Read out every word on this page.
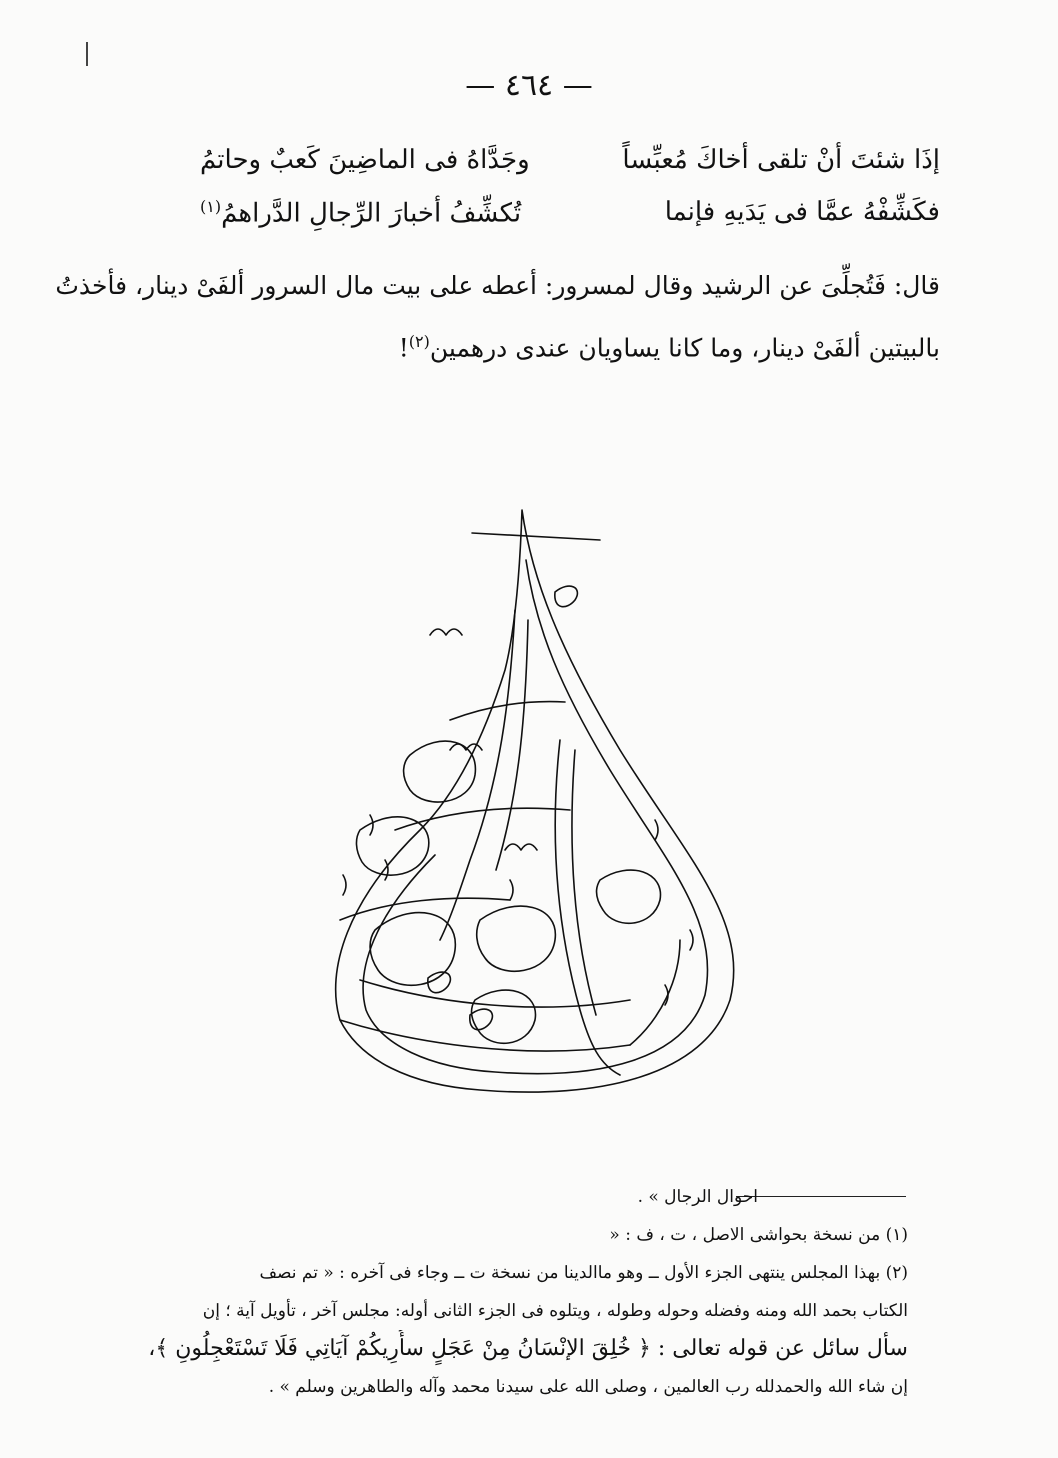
— ٤٦٤ —
إذَا شئتَ أنْ تلقى أخاكَ مُعبِّساً
وجَدَّاهُ فى الماضِينَ كَعبٌ وحاتمُ
فكَشِّفْهُ عمَّا فى يَدَيهِ فإنما
تُكشِّفُ أخبارَ الرِّجالِ الدَّراهمُ$^{(١)}$

قال: فَتُجلِّىَ عن الرشيد وقال لمسرور: أعطه على بيت مال السرور ألفَىْ دينار، فأخذتُ

بالبيتين ألفَىْ دينار، وما كانا يساويان عندى درهمين$^{(٢)}$!

احوال الرجال » .

(١) من نسخة بحواشى الاصل ، ت ، ف : «

(٢) بهذا المجلس ينتهى الجزء الأول ــ وهو ماالدينا من نسخة ت ــ وجاء فى آخره : « تم نصف

الكتاب بحمد الله ومنه وفضله وحوله وطوله ، ويتلوه فى الجزء الثانى أوله: مجلس آخر ، تأويل آية ؛ إن

سأل سائل عن قوله تعالى : ﴿ خُلِقَ الإنْسَانُ مِنْ عَجَلٍ سأُرِيكُمْ آيَاتِي فَلَا تَسْتَعْجِلُونِ ﴾،

إن شاء الله والحمدلله رب العالمين ، وصلى الله على سيدنا محمد وآله والطاهرين وسلم » .
